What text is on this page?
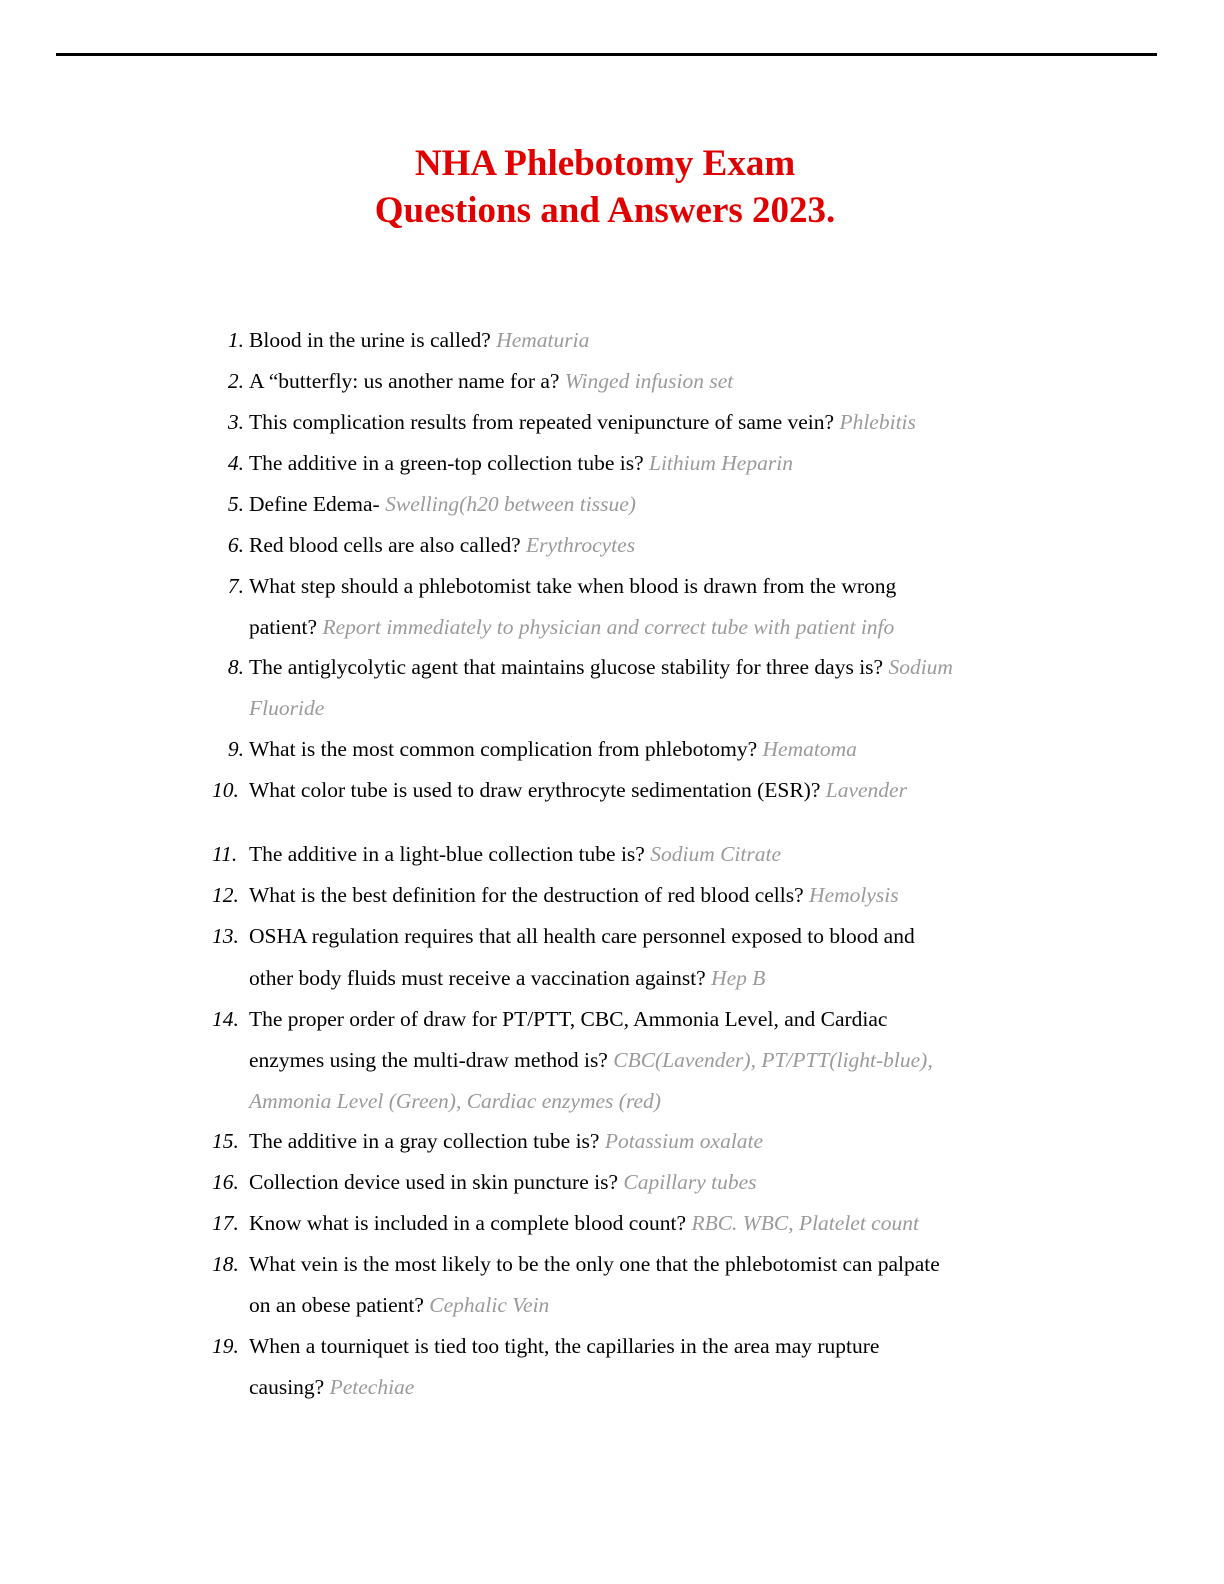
NHA Phlebotomy Exam
Questions and Answers 2023.
1. Blood in the urine is called? Hematuria
2. A “butterfly: us another name for a? Winged infusion set
3. This complication results from repeated venipuncture of same vein? Phlebitis
4. The additive in a green-top collection tube is? Lithium Heparin
5. Define Edema- Swelling(h20 between tissue)
6. Red blood cells are also called? Erythrocytes
7. What step should a phlebotomist take when blood is drawn from the wrong
patient? Report immediately to physician and correct tube with patient info
8. The antiglycolytic agent that maintains glucose stability for three days is? Sodium
Fluoride
9. What is the most common complication from phlebotomy? Hematoma
10. What color tube is used to draw erythrocyte sedimentation (ESR)? Lavender
11. The additive in a light-blue collection tube is? Sodium Citrate
12. What is the best definition for the destruction of red blood cells? Hemolysis
13. OSHA regulation requires that all health care personnel exposed to blood and
other body fluids must receive a vaccination against? Hep B
14. The proper order of draw for PT/PTT, CBC, Ammonia Level, and Cardiac
enzymes using the multi-draw method is? CBC(Lavender), PT/PTT(light-blue),
Ammonia Level (Green), Cardiac enzymes (red)
15. The additive in a gray collection tube is? Potassium oxalate
16. Collection device used in skin puncture is? Capillary tubes
17. Know what is included in a complete blood count? RBC. WBC, Platelet count
18. What vein is the most likely to be the only one that the phlebotomist can palpate
on an obese patient? Cephalic Vein
19. When a tourniquet is tied too tight, the capillaries in the area may rupture
causing? Petechiae
